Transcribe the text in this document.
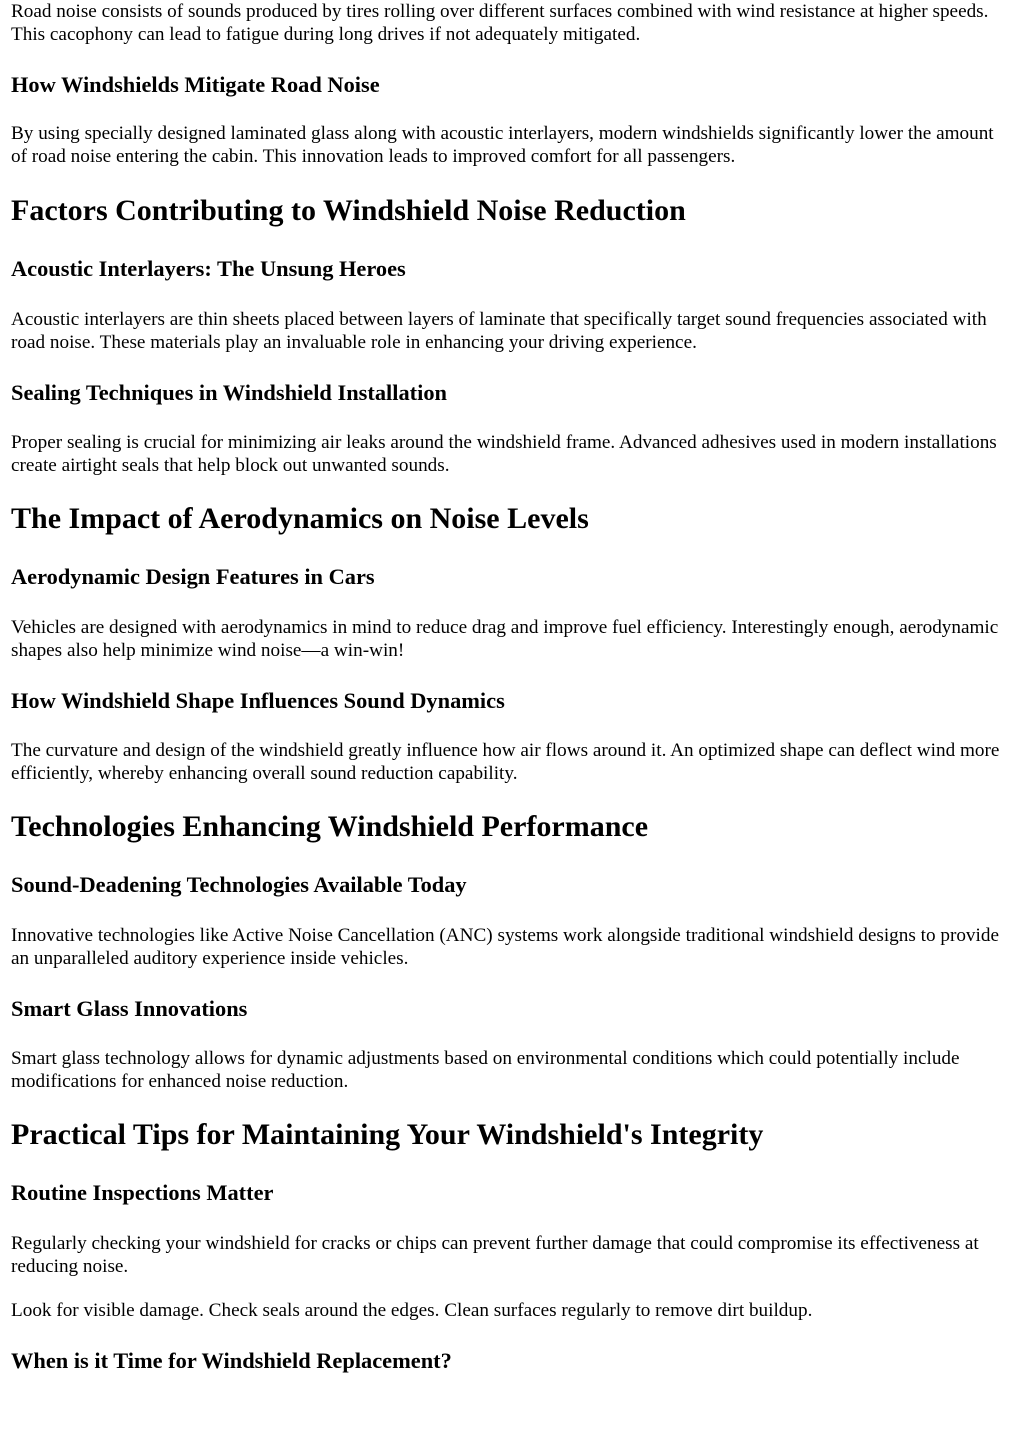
Road noise consists of sounds produced by tires rolling over different surfaces combined with wind resistance at higher speeds. This cacophony can lead to fatigue during long drives if not adequately mitigated.

How Windshields Mitigate Road Noise

By using specially designed laminated glass along with acoustic interlayers, modern windshields significantly lower the amount of road noise entering the cabin. This innovation leads to improved comfort for all passengers.

Factors Contributing to Windshield Noise Reduction
Acoustic Interlayers: The Unsung Heroes

Acoustic interlayers are thin sheets placed between layers of laminate that specifically target sound frequencies associated with road noise. These materials play an invaluable role in enhancing your driving experience.

Sealing Techniques in Windshield Installation

Proper sealing is crucial for minimizing air leaks around the windshield frame. Advanced adhesives used in modern installations create airtight seals that help block out unwanted sounds.

The Impact of Aerodynamics on Noise Levels
Aerodynamic Design Features in Cars

Vehicles are designed with aerodynamics in mind to reduce drag and improve fuel efficiency. Interestingly enough, aerodynamic shapes also help minimize wind noise—a win-win!

How Windshield Shape Influences Sound Dynamics

The curvature and design of the windshield greatly influence how air flows around it. An optimized shape can deflect wind more efficiently, whereby enhancing overall sound reduction capability.

Technologies Enhancing Windshield Performance
Sound-Deadening Technologies Available Today

Innovative technologies like Active Noise Cancellation (ANC) systems work alongside traditional windshield designs to provide an unparalleled auditory experience inside vehicles.

Smart Glass Innovations

Smart glass technology allows for dynamic adjustments based on environmental conditions which could potentially include modifications for enhanced noise reduction.

Practical Tips for Maintaining Your Windshield's Integrity
Routine Inspections Matter

Regularly checking your windshield for cracks or chips can prevent further damage that could compromise its effectiveness at reducing noise.

Look for visible damage. Check seals around the edges. Clean surfaces regularly to remove dirt buildup.

When is it Time for Windshield Replacement?
